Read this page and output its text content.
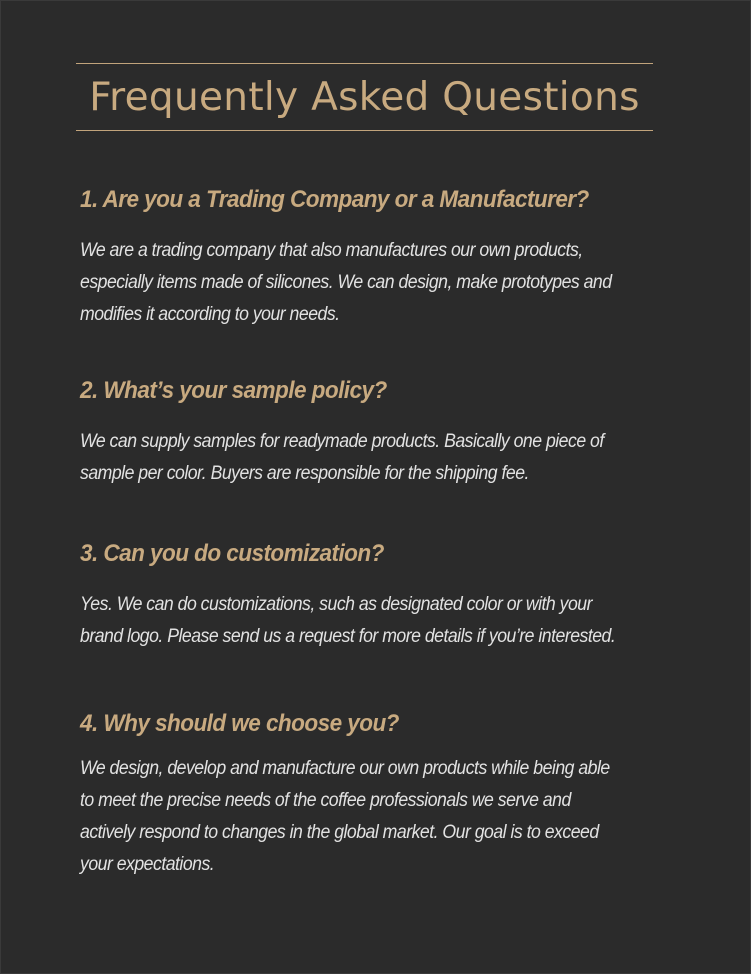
Frequently Asked Questions
1. Are you a Trading Company or a Manufacturer?

We are a trading company that also manufactures our own products,
especially items made of silicones. We can design, make prototypes and
modifies it according to your needs.

2. What’s your sample policy?

We can supply samples for readymade products. Basically one piece of
sample per color. Buyers are responsible for the shipping fee.

3. Can you do customization?

Yes. We can do customizations, such as designated color or with your
brand logo. Please send us a request for more details if you’re interested.

4. Why should we choose you?

We design, develop and manufacture our own products while being able
to meet the precise needs of the coffee professionals we serve and
actively respond to changes in the global market. Our goal is to exceed
your expectations.
